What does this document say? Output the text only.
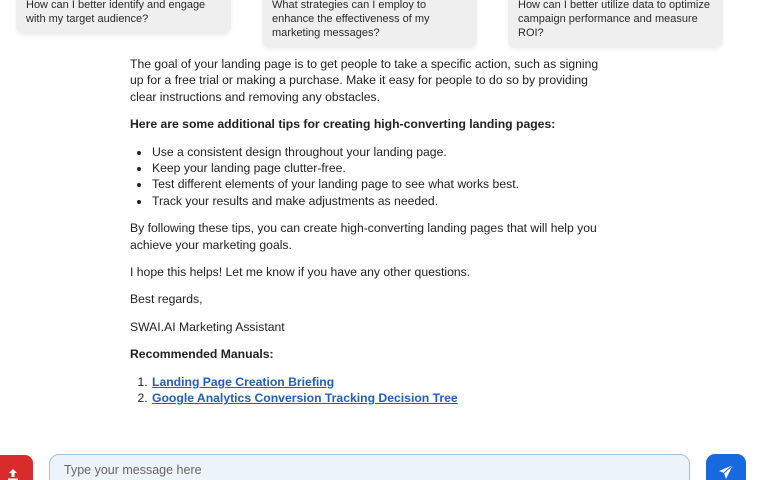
How can I better identify and engage with my target audience?
What strategies can I employ to enhance the effectiveness of my marketing messages?
How can I better utilize data to optimize campaign performance and measure ROI?

The goal of your landing page is to get people to take a specific action, such as signing up for a free trial or making a purchase. Make it easy for people to do so by providing clear instructions and removing any obstacles.

Here are some additional tips for creating high-converting landing pages:

• Use a consistent design throughout your landing page.
• Keep your landing page clutter-free.
• Test different elements of your landing page to see what works best.
• Track your results and make adjustments as needed.

By following these tips, you can create high-converting landing pages that will help you achieve your marketing goals.

I hope this helps! Let me know if you have any other questions.

Best regards,

SWAI.AI Marketing Assistant

Recommended Manuals:

1. Landing Page Creation Briefing
2. Google Analytics Conversion Tracking Decision Tree
Type your message here
